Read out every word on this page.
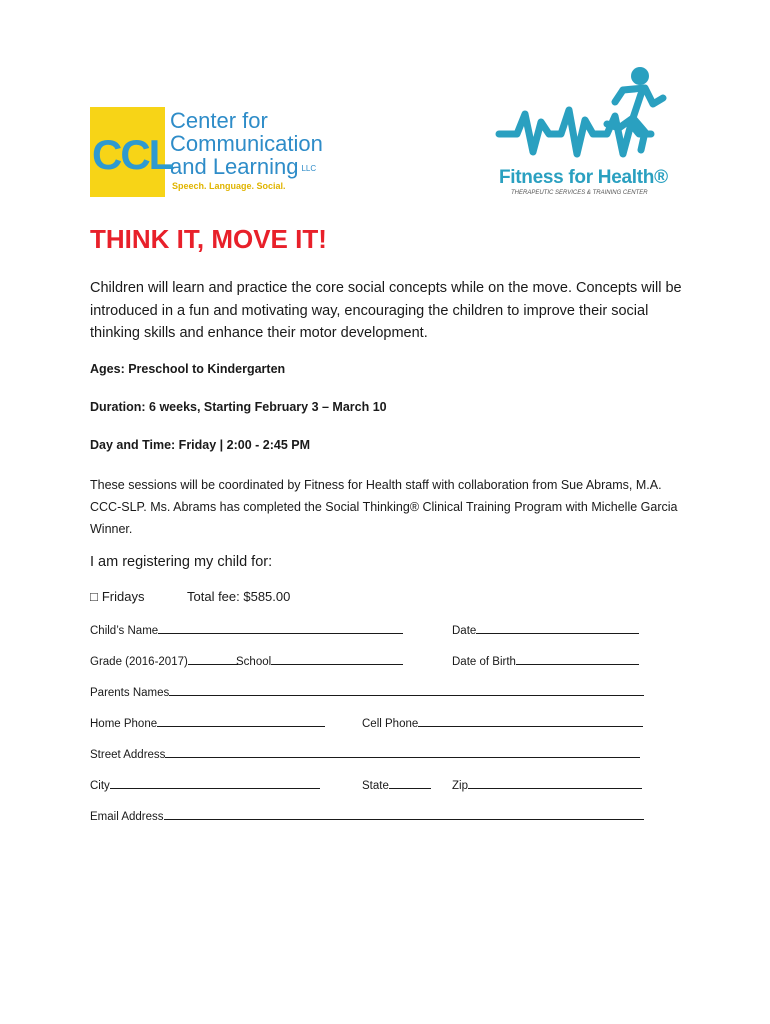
CCL
Center for
Communication
and Learning LLC
Speech. Language. Social.	Fitness for Health®
THERAPEUTIC SERVICES & TRAINING CENTER
THINK IT, MOVE IT!

Children will learn and practice the core social concepts while on the move. Concepts will be introduced in a fun and motivating way, encouraging the children to improve their social thinking skills and enhance their motor development.

Ages: Preschool to Kindergarten

Duration: 6 weeks, Starting February 3 – March 10

Day and Time: Friday | 2:00 - 2:45 PM

These sessions will be coordinated by Fitness for Health staff with collaboration from Sue Abrams, M.A. CCC-SLP. Ms. Abrams has completed the Social Thinking® Clinical Training Program with Michelle Garcia Winner.

I am registering my child for:

□ Fridays	Total fee: $585.00
Child’s Name	Date
Grade (2016-2017)	School	Date of Birth
Parents Names
Home Phone	Cell Phone
Street Address
City	State	Zip
Email Address
